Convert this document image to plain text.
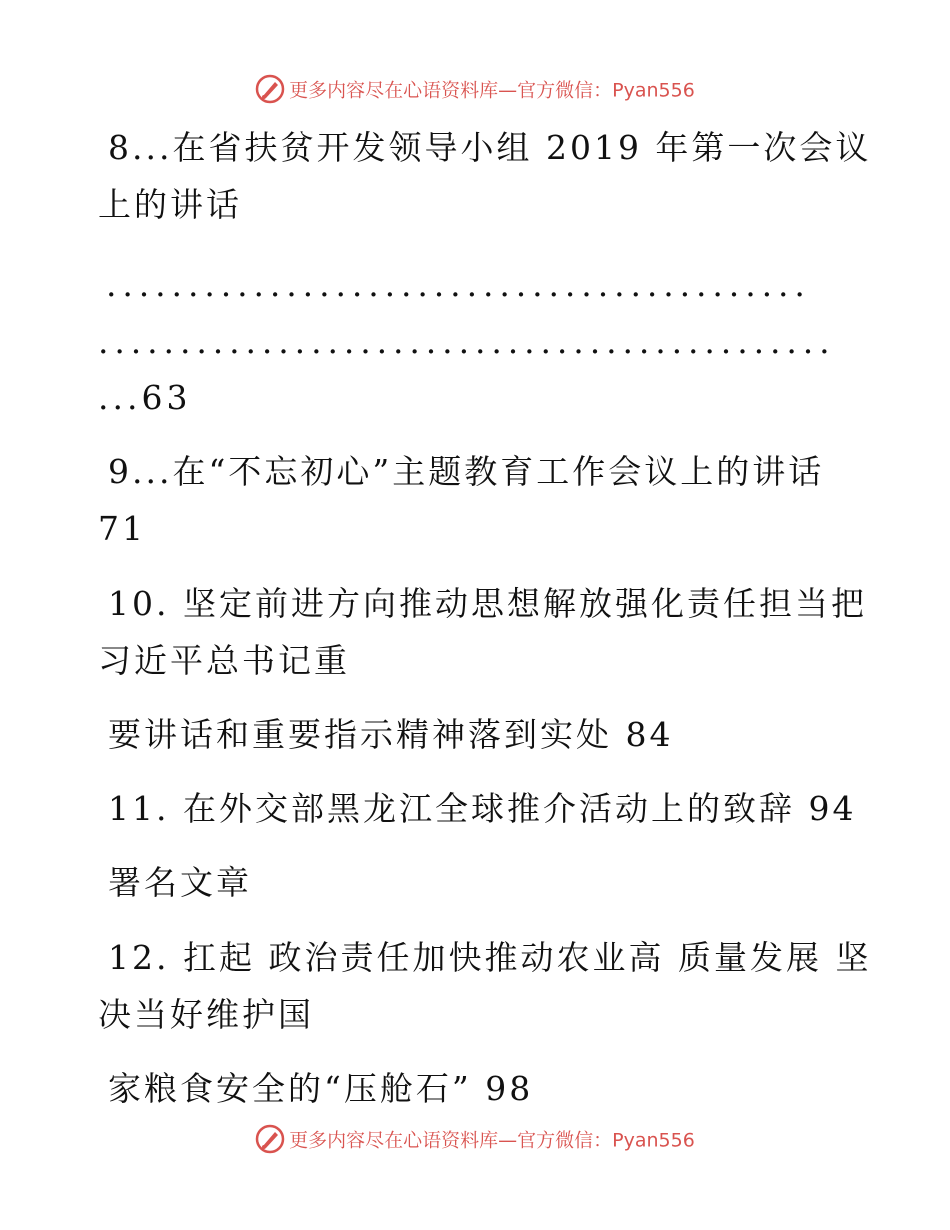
更多内容尽在心语资料库—官方微信：Pyan556
8...在省扶贫开发领导小组 2019 年第一次会议
上的讲话
...........................................
.............................................
...63
9...在“不忘初心”主题教育工作会议上的讲话
71
10. 坚定前进方向推动思想解放强化责任担当把
习近平总书记重
要讲话和重要指示精神落到实处 84
11. 在外交部黑龙江全球推介活动上的致辞 94
署名文章
12. 扛起 政治责任加快推动农业高 质量发展 坚
决当好维护国
家粮食安全的“压舱石” 98
更多内容尽在心语资料库—官方微信：Pyan556
